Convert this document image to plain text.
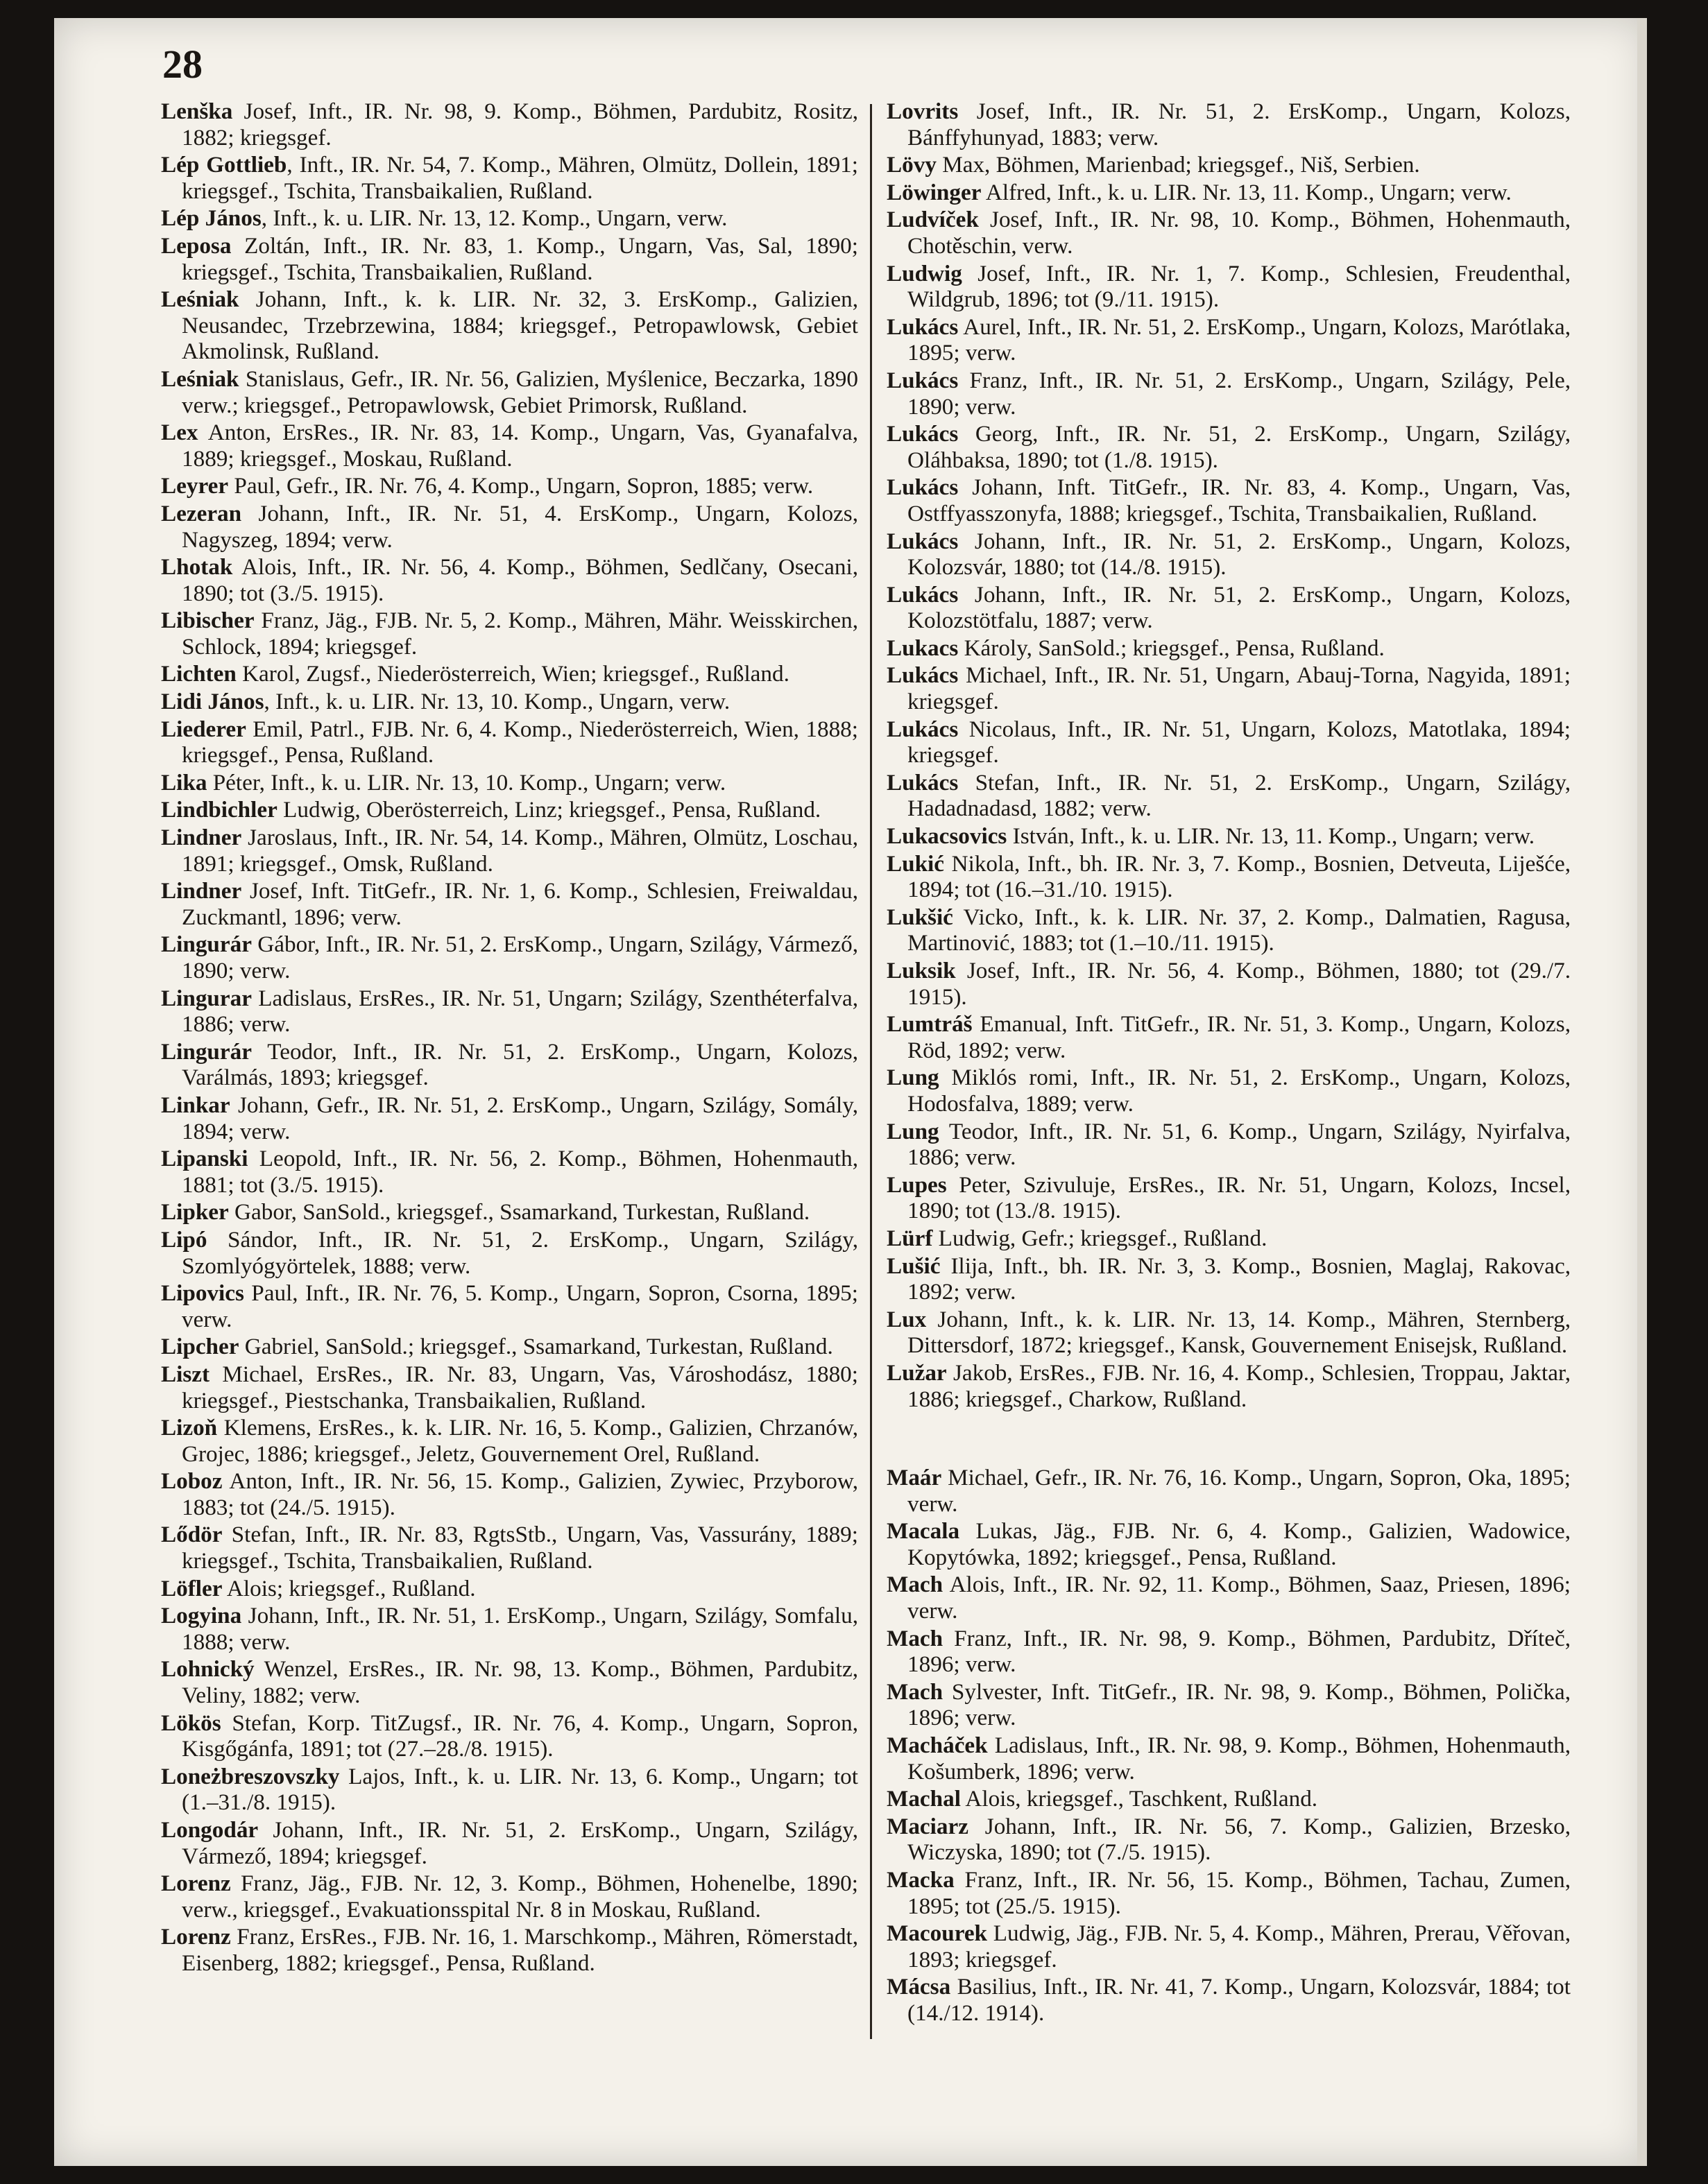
28

Lenška Josef, Inft., IR. Nr. 98, 9. Komp., Böhmen, Pardubitz, Rositz, 1882; kriegsgef.

Lép Gottlieb, Inft., IR. Nr. 54, 7. Komp., Mähren, Olmütz, Dollein, 1891; kriegsgef., Tschita, Transbaikalien, Rußland.

Lép János, Inft., k. u. LIR. Nr. 13, 12. Komp., Ungarn, verw.

Leposa Zoltán, Inft., IR. Nr. 83, 1. Komp., Ungarn, Vas, Sal, 1890; kriegsgef., Tschita, Transbaikalien, Rußland.

Leśniak Johann, Inft., k. k. LIR. Nr. 32, 3. ErsKomp., Galizien, Neusandec, Trzebrzewina, 1884; kriegsgef., Petropawlowsk, Gebiet Akmolinsk, Rußland.

Leśniak Stanislaus, Gefr., IR. Nr. 56, Galizien, Myślenice, Beczarka, 1890 verw.; kriegsgef., Petropawlowsk, Gebiet Primorsk, Rußland.

Lex Anton, ErsRes., IR. Nr. 83, 14. Komp., Ungarn, Vas, Gyanafalva, 1889; kriegsgef., Moskau, Rußland.

Leyrer Paul, Gefr., IR. Nr. 76, 4. Komp., Ungarn, Sopron, 1885; verw.

Lezeran Johann, Inft., IR. Nr. 51, 4. ErsKomp., Ungarn, Kolozs, Nagyszeg, 1894; verw.

Lhotak Alois, Inft., IR. Nr. 56, 4. Komp., Böhmen, Sedlčany, Osecani, 1890; tot (3./5. 1915).

Libischer Franz, Jäg., FJB. Nr. 5, 2. Komp., Mähren, Mähr. Weisskirchen, Schlock, 1894; kriegsgef.

Lichten Karol, Zugsf., Niederösterreich, Wien; kriegsgef., Rußland.

Lidi János, Inft., k. u. LIR. Nr. 13, 10. Komp., Ungarn, verw.

Liederer Emil, Patrl., FJB. Nr. 6, 4. Komp., Niederösterreich, Wien, 1888; kriegsgef., Pensa, Rußland.

Lika Péter, Inft., k. u. LIR. Nr. 13, 10. Komp., Ungarn; verw.

Lindbichler Ludwig, Oberösterreich, Linz; kriegsgef., Pensa, Rußland.

Lindner Jaroslaus, Inft., IR. Nr. 54, 14. Komp., Mähren, Olmütz, Loschau, 1891; kriegsgef., Omsk, Rußland.

Lindner Josef, Inft. TitGefr., IR. Nr. 1, 6. Komp., Schlesien, Freiwaldau, Zuckmantl, 1896; verw.

Lingurár Gábor, Inft., IR. Nr. 51, 2. ErsKomp., Ungarn, Szilágy, Vármező, 1890; verw.

Lingurar Ladislaus, ErsRes., IR. Nr. 51, Ungarn; Szilágy, Szenthéterfalva, 1886; verw.

Lingurár Teodor, Inft., IR. Nr. 51, 2. ErsKomp., Ungarn, Kolozs, Varálmás, 1893; kriegsgef.

Linkar Johann, Gefr., IR. Nr. 51, 2. ErsKomp., Ungarn, Szilágy, Somály, 1894; verw.

Lipanski Leopold, Inft., IR. Nr. 56, 2. Komp., Böhmen, Hohenmauth, 1881; tot (3./5. 1915).

Lipker Gabor, SanSold., kriegsgef., Ssamarkand, Turkestan, Rußland.

Lipó Sándor, Inft., IR. Nr. 51, 2. ErsKomp., Ungarn, Szilágy, Szomlyógyörtelek, 1888; verw.

Lipovics Paul, Inft., IR. Nr. 76, 5. Komp., Ungarn, Sopron, Csorna, 1895; verw.

Lipcher Gabriel, SanSold.; kriegsgef., Ssamarkand, Turkestan, Rußland.

Liszt Michael, ErsRes., IR. Nr. 83, Ungarn, Vas, Városhodász, 1880; kriegsgef., Piestschanka, Transbaikalien, Rußland.

Lizoň Klemens, ErsRes., k. k. LIR. Nr. 16, 5. Komp., Galizien, Chrzanów, Grojec, 1886; kriegsgef., Jeletz, Gouvernement Orel, Rußland.

Loboz Anton, Inft., IR. Nr. 56, 15. Komp., Galizien, Zywiec, Przyborow, 1883; tot (24./5. 1915).

Lődör Stefan, Inft., IR. Nr. 83, RgtsStb., Ungarn, Vas, Vassurány, 1889; kriegsgef., Tschita, Transbaikalien, Rußland.

Löfler Alois; kriegsgef., Rußland.

Logyina Johann, Inft., IR. Nr. 51, 1. ErsKomp., Ungarn, Szilágy, Somfalu, 1888; verw.

Lohnický Wenzel, ErsRes., IR. Nr. 98, 13. Komp., Böhmen, Pardubitz, Veliny, 1882; verw.

Lökös Stefan, Korp. TitZugsf., IR. Nr. 76, 4. Komp., Ungarn, Sopron, Kisgőgánfa, 1891; tot (27.–28./8. 1915).

Loneżbreszovszky Lajos, Inft., k. u. LIR. Nr. 13, 6. Komp., Ungarn; tot (1.–31./8. 1915).

Longodár Johann, Inft., IR. Nr. 51, 2. ErsKomp., Ungarn, Szilágy, Vármező, 1894; kriegsgef.

Lorenz Franz, Jäg., FJB. Nr. 12, 3. Komp., Böhmen, Hohenelbe, 1890; verw., kriegsgef., Evakuationsspital Nr. 8 in Moskau, Rußland.

Lorenz Franz, ErsRes., FJB. Nr. 16, 1. Marschkomp., Mähren, Römerstadt, Eisenberg, 1882; kriegsgef., Pensa, Rußland.

Lovrits Josef, Inft., IR. Nr. 51, 2. ErsKomp., Ungarn, Kolozs, Bánffyhunyad, 1883; verw.

Lövy Max, Böhmen, Marienbad; kriegsgef., Niš, Serbien.

Löwinger Alfred, Inft., k. u. LIR. Nr. 13, 11. Komp., Ungarn; verw.

Ludvíček Josef, Inft., IR. Nr. 98, 10. Komp., Böhmen, Hohenmauth, Chotěschin, verw.

Ludwig Josef, Inft., IR. Nr. 1, 7. Komp., Schlesien, Freudenthal, Wildgrub, 1896; tot (9./11. 1915).

Lukács Aurel, Inft., IR. Nr. 51, 2. ErsKomp., Ungarn, Kolozs, Marótlaka, 1895; verw.

Lukács Franz, Inft., IR. Nr. 51, 2. ErsKomp., Ungarn, Szilágy, Pele, 1890; verw.

Lukács Georg, Inft., IR. Nr. 51, 2. ErsKomp., Ungarn, Szilágy, Oláhbaksa, 1890; tot (1./8. 1915).

Lukács Johann, Inft. TitGefr., IR. Nr. 83, 4. Komp., Ungarn, Vas, Ostffyasszonyfa, 1888; kriegsgef., Tschita, Transbaikalien, Rußland.

Lukács Johann, Inft., IR. Nr. 51, 2. ErsKomp., Ungarn, Kolozs, Kolozsvár, 1880; tot (14./8. 1915).

Lukács Johann, Inft., IR. Nr. 51, 2. ErsKomp., Ungarn, Kolozs, Kolozstötfalu, 1887; verw.

Lukacs Károly, SanSold.; kriegsgef., Pensa, Rußland.

Lukács Michael, Inft., IR. Nr. 51, Ungarn, Abauj-Torna, Nagyida, 1891; kriegsgef.

Lukács Nicolaus, Inft., IR. Nr. 51, Ungarn, Kolozs, Matotlaka, 1894; kriegsgef.

Lukács Stefan, Inft., IR. Nr. 51, 2. ErsKomp., Ungarn, Szilágy, Hadadnadasd, 1882; verw.

Lukacsovics István, Inft., k. u. LIR. Nr. 13, 11. Komp., Ungarn; verw.

Lukić Nikola, Inft., bh. IR. Nr. 3, 7. Komp., Bosnien, Detveuta, Liješće, 1894; tot (16.–31./10. 1915).

Lukšić Vicko, Inft., k. k. LIR. Nr. 37, 2. Komp., Dalmatien, Ragusa, Martinović, 1883; tot (1.–10./11. 1915).

Luksik Josef, Inft., IR. Nr. 56, 4. Komp., Böhmen, 1880; tot (29./7. 1915).

Lumtráš Emanual, Inft. TitGefr., IR. Nr. 51, 3. Komp., Ungarn, Kolozs, Röd, 1892; verw.

Lung Miklós romi, Inft., IR. Nr. 51, 2. ErsKomp., Ungarn, Kolozs, Hodosfalva, 1889; verw.

Lung Teodor, Inft., IR. Nr. 51, 6. Komp., Ungarn, Szilágy, Nyirfalva, 1886; verw.

Lupes Peter, Szivuluje, ErsRes., IR. Nr. 51, Ungarn, Kolozs, Incsel, 1890; tot (13./8. 1915).

Lürf Ludwig, Gefr.; kriegsgef., Rußland.

Lušić Ilija, Inft., bh. IR. Nr. 3, 3. Komp., Bosnien, Maglaj, Rakovac, 1892; verw.

Lux Johann, Inft., k. k. LIR. Nr. 13, 14. Komp., Mähren, Sternberg, Dittersdorf, 1872; kriegsgef., Kansk, Gouvernement Enisejsk, Rußland.

Lužar Jakob, ErsRes., FJB. Nr. 16, 4. Komp., Schlesien, Troppau, Jaktar, 1886; kriegsgef., Charkow, Rußland.

Maár Michael, Gefr., IR. Nr. 76, 16. Komp., Ungarn, Sopron, Oka, 1895; verw.

Macala Lukas, Jäg., FJB. Nr. 6, 4. Komp., Galizien, Wadowice, Kopytówka, 1892; kriegsgef., Pensa, Rußland.

Mach Alois, Inft., IR. Nr. 92, 11. Komp., Böhmen, Saaz, Priesen, 1896; verw.

Mach Franz, Inft., IR. Nr. 98, 9. Komp., Böhmen, Pardubitz, Dříteč, 1896; verw.

Mach Sylvester, Inft. TitGefr., IR. Nr. 98, 9. Komp., Böhmen, Polička, 1896; verw.

Macháček Ladislaus, Inft., IR. Nr. 98, 9. Komp., Böhmen, Hohenmauth, Košumberk, 1896; verw.

Machal Alois, kriegsgef., Taschkent, Rußland.

Maciarz Johann, Inft., IR. Nr. 56, 7. Komp., Galizien, Brzesko, Wiczyska, 1890; tot (7./5. 1915).

Macka Franz, Inft., IR. Nr. 56, 15. Komp., Böhmen, Tachau, Zumen, 1895; tot (25./5. 1915).

Macourek Ludwig, Jäg., FJB. Nr. 5, 4. Komp., Mähren, Prerau, Věřovan, 1893; kriegsgef.

Mácsa Basilius, Inft., IR. Nr. 41, 7. Komp., Ungarn, Kolozsvár, 1884; tot (14./12. 1914).
